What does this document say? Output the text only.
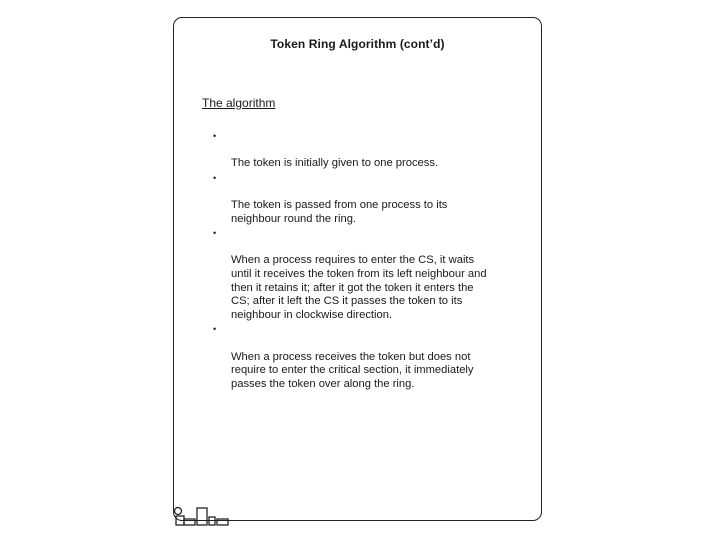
Token Ring Algorithm (cont’d)
The algorithm

•

The token is initially given to one process.

•

The token is passed from one process to its
neighbour round the ring.

•

When a process requires to enter the CS, it waits
until it receives the token from its left neighbour and
then it retains it; after it got the token it enters the
CS; after it left the CS it passes the token to its
neighbour in clockwise direction.

•

When a process receives the token but does not
require to enter the critical section, it immediately
passes the token over along the ring.
